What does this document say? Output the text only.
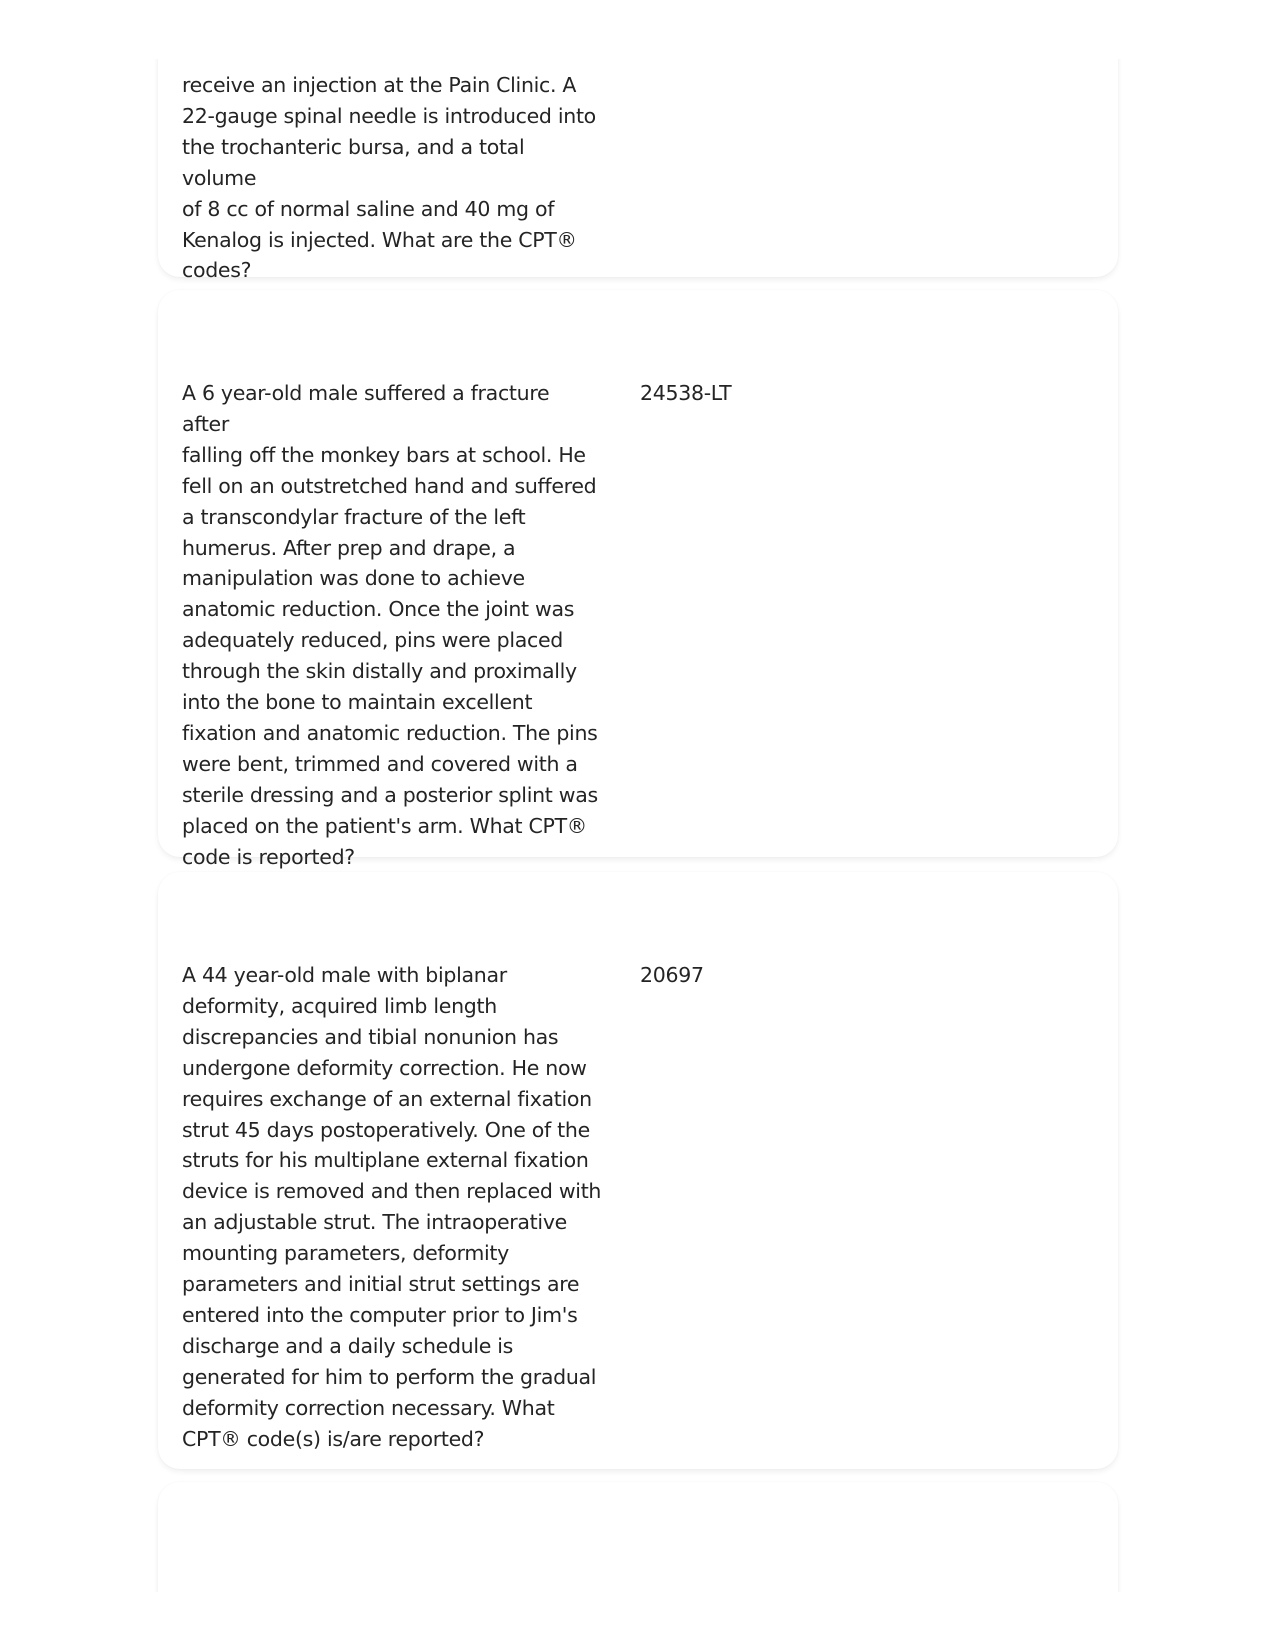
receive an injection at the Pain Clinic. A
22-gauge spinal needle is introduced into
the trochanteric bursa, and a total volume
of 8 cc of normal saline and 40 mg of
Kenalog is injected. What are the CPT®
codes?
A 6 year-old male suffered a fracture after
falling off the monkey bars at school. He
fell on an outstretched hand and suffered
a transcondylar fracture of the left
humerus. After prep and drape, a
manipulation was done to achieve
anatomic reduction. Once the joint was
adequately reduced, pins were placed
through the skin distally and proximally
into the bone to maintain excellent
fixation and anatomic reduction. The pins
were bent, trimmed and covered with a
sterile dressing and a posterior splint was
placed on the patient's arm. What CPT®
code is reported?
24538-LT
A 44 year-old male with biplanar
deformity, acquired limb length
discrepancies and tibial nonunion has
undergone deformity correction. He now
requires exchange of an external fixation
strut 45 days postoperatively. One of the
struts for his multiplane external fixation
device is removed and then replaced with
an adjustable strut. The intraoperative
mounting parameters, deformity
parameters and initial strut settings are
entered into the computer prior to Jim's
discharge and a daily schedule is
generated for him to perform the gradual
deformity correction necessary. What
CPT® code(s) is/are reported?
20697
